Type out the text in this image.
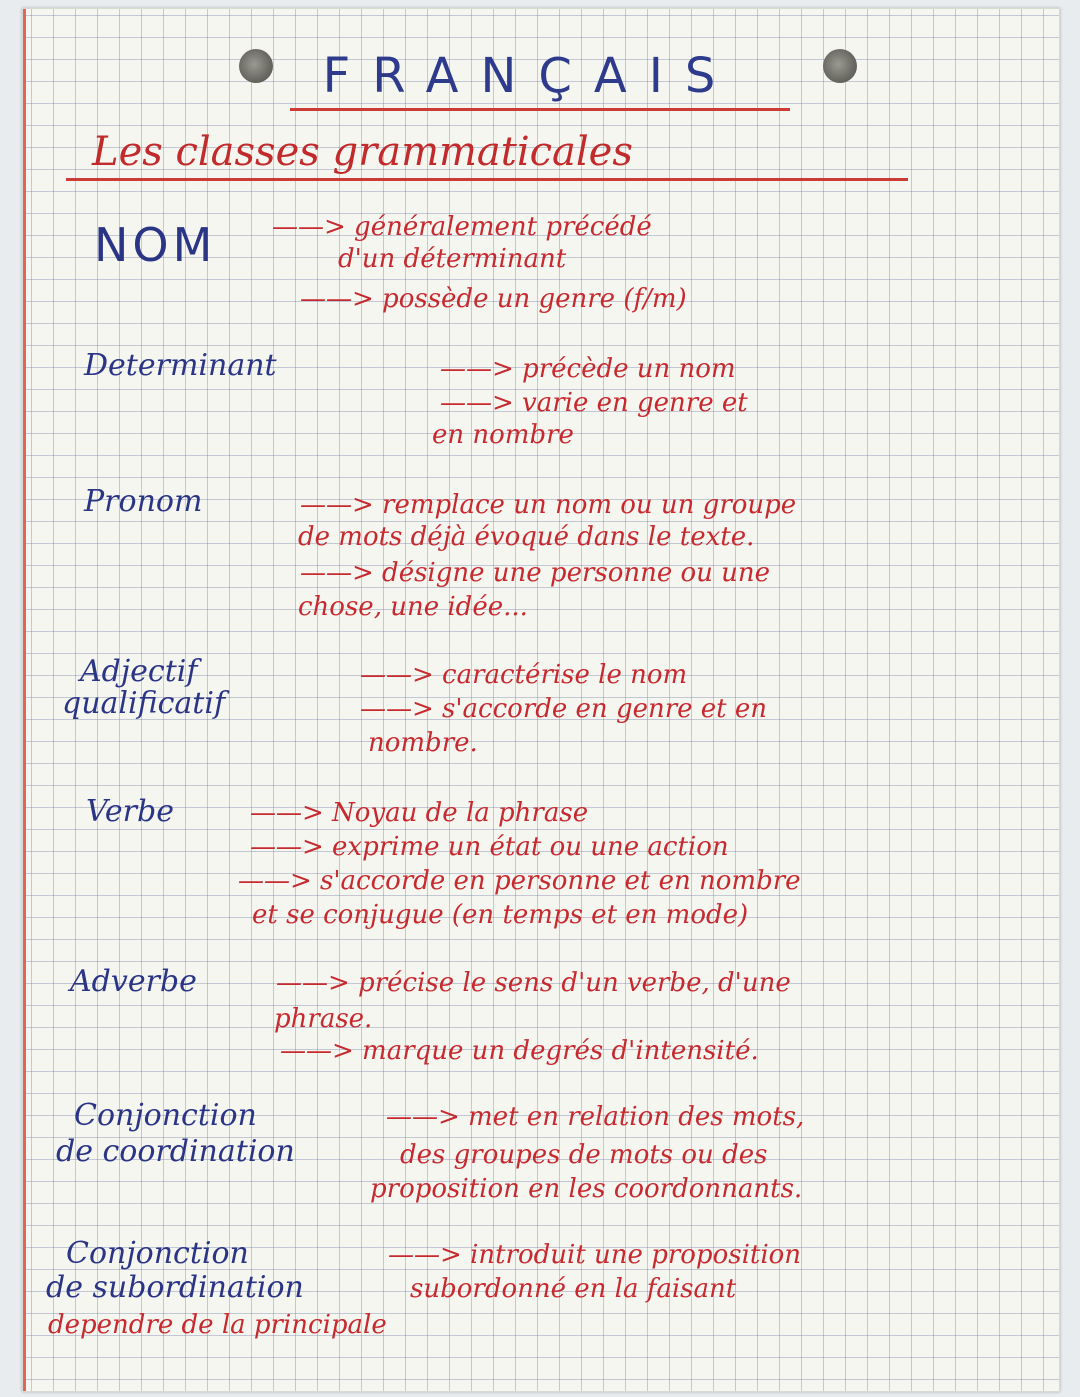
FRANÇAIS
Les classes grammaticales
NOM ——> généralement précédé
d'un déterminant
——> possède un genre (f/m)
Determinant	——> précède un nom
——> varie en genre et
en nombre
Pronom	——> remplace un nom ou un groupe
de mots déjà évoqué dans le texte.
——> désigne une personne ou une
chose, une idée...
Adjectif
qualificatif
——> caractérise le nom
——> s'accorde en genre et en
nombre.
Verbe	——> Noyau de la phrase
——> exprime un état ou une action
——> s'accorde en personne et en nombre
et se conjugue (en temps et en mode)
Adverbe	——> précise le sens d'un verbe, d'une
phrase.
——> marque un degrés d'intensité.
Conjonction
de coordination
——> met en relation des mots,
des groupes de mots ou des
proposition en les coordonnants.
Conjonction
de subordination
——> introduit une proposition
subordonné en la faisant
dependre de la principale
